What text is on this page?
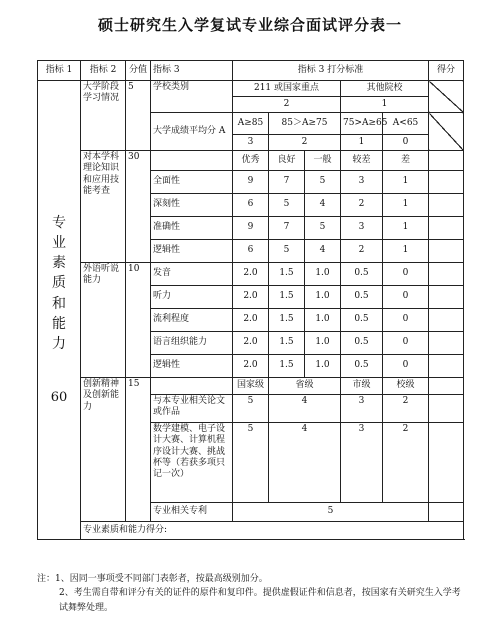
硕士研究生入学复试专业综合面试评分表一
指标 1	指标 2	分值	指标 3	指标 3 打分标准					得分

专业素质和能力
60	大学阶段学习情况	5	学校类别	211 或国家重点			其他院校		
				2			1		
			大学成绩平均分 A	A≥85	85＞A≥75		75>A≥65	A<65	
				3	2		1	0	
	对本学科理论知识和应用技能考查	30		优秀	良好	一般	较差	差	
			全面性	9	7	5	3	1	
			深刻性	6	5	4	2	1	
			准确性	9	7	5	3	1	
			逻辑性	6	5	4	2	1	
	外语听说能力	10	发音	2.0	1.5	1.0	0.5	0	
			听力	2.0	1.5	1.0	0.5	0	
			流利程度	2.0	1.5	1.0	0.5	0	
			语言组织能力	2.0	1.5	1.0	0.5	0	
			逻辑性	2.0	1.5	1.0	0.5	0	
	创新精神及创新能力	15		国家级	省级		市级	校级	
			与本专业相关论文或作品	5	4		3	2	
			数学建模、电子设计大赛、计算机程序设计大赛、挑战杯等（若获多项只记一次）	5	4		3	2	
			专业相关专利	5					
	专业素质和能力得分:								

注：1、因同一事项受不同部门表彰者，按最高级别加分。

2、考生需自带和评分有关的证件的原件和复印件。提供虚假证件和信息者，按国家有关研究生入学考试舞弊处理。
